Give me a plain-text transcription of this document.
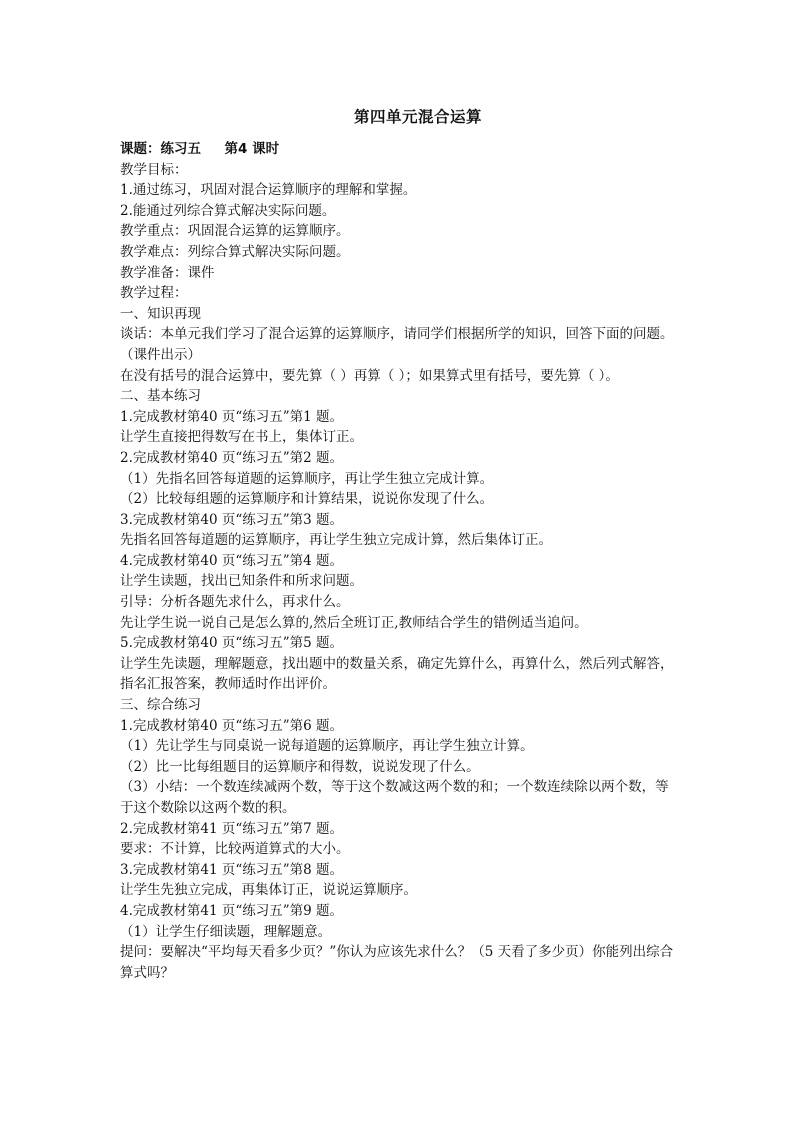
第四单元混合运算
课题：练习五     第4 课时

教学目标：

1.通过练习，巩固对混合运算顺序的理解和掌握。

2.能通过列综合算式解决实际问题。

教学重点：巩固混合运算的运算顺序。

教学难点：列综合算式解决实际问题。

教学准备：课件

教学过程：

一、知识再现

谈话：本单元我们学习了混合运算的运算顺序，请同学们根据所学的知识，回答下面的问题。（课件出示）

在没有括号的混合运算中，要先算（ ）再算（ ）；如果算式里有括号，要先算（ ）。

二、基本练习

1.完成教材第40 页“练习五”第1 题。

让学生直接把得数写在书上，集体订正。

2.完成教材第40 页“练习五”第2 题。

（1）先指名回答每道题的运算顺序，再让学生独立完成计算。

（2）比较每组题的运算顺序和计算结果，说说你发现了什么。

3.完成教材第40 页“练习五”第3 题。

先指名回答每道题的运算顺序，再让学生独立完成计算，然后集体订正。

4.完成教材第40 页“练习五”第4 题。

让学生读题，找出已知条件和所求问题。

引导：分析各题先求什么，再求什么。

先让学生说一说自己是怎么算的,然后全班订正,教师结合学生的错例适当追问。

5.完成教材第40 页“练习五”第5 题。

让学生先读题，理解题意，找出题中的数量关系，确定先算什么，再算什么，然后列式解答，指名汇报答案，教师适时作出评价。

三、综合练习

1.完成教材第40 页“练习五”第6 题。

（1）先让学生与同桌说一说每道题的运算顺序，再让学生独立计算。

（2）比一比每组题目的运算顺序和得数，说说发现了什么。

（3）小结：一个数连续减两个数，等于这个数减这两个数的和；一个数连续除以两个数，等于这个数除以这两个数的积。

2.完成教材第41 页“练习五”第7 题。

要求：不计算，比较两道算式的大小。

3.完成教材第41 页“练习五”第8 题。

让学生先独立完成，再集体订正，说说运算顺序。

4.完成教材第41 页“练习五”第9 题。

（1）让学生仔细读题，理解题意。

提问：要解决“平均每天看多少页？”你认为应该先求什么？（5 天看了多少页）你能列出综合算式吗？
